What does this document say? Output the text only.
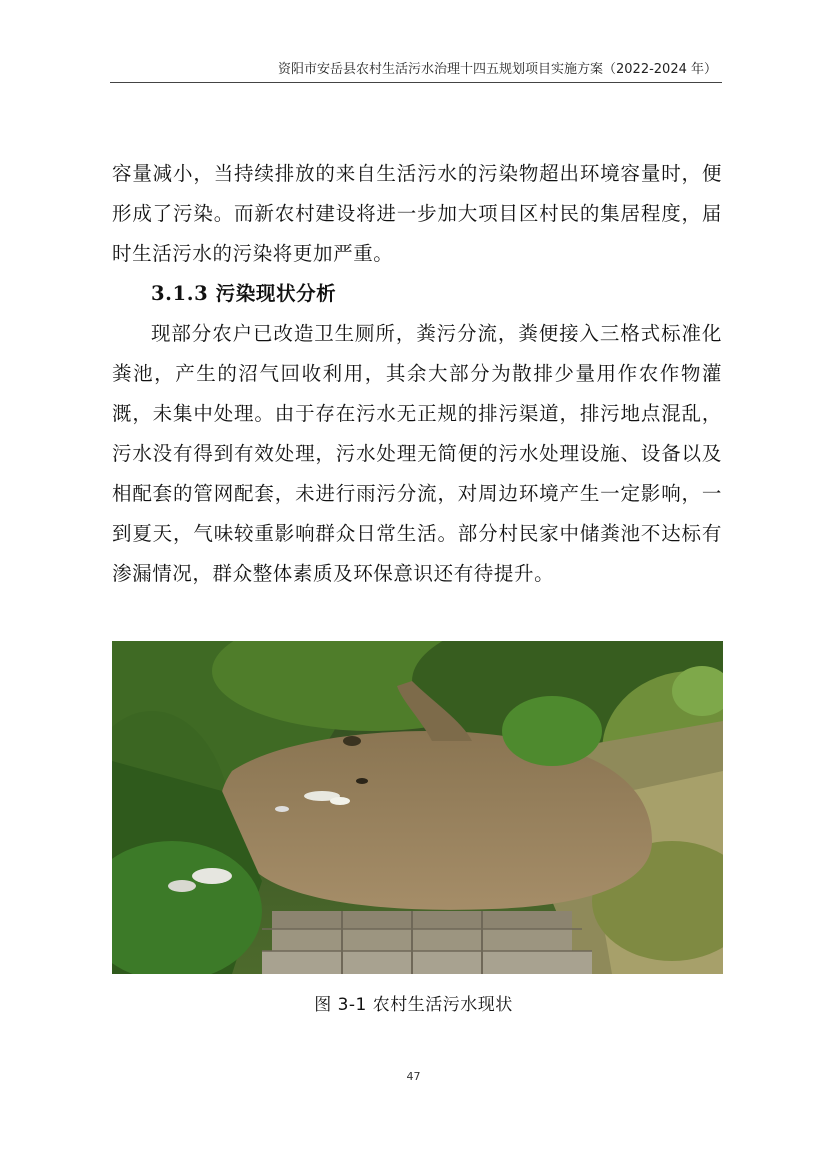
资阳市安岳县农村生活污水治理十四五规划项目实施方案（2022-2024 年）

容量减小，当持续排放的来自生活污水的污染物超出环境容量时，便形成了污染。而新农村建设将进一步加大项目区村民的集居程度，届时生活污水的污染将更加严重。

3.1.3 污染现状分析

现部分农户已改造卫生厕所，粪污分流，粪便接入三格式标准化粪池，产生的沼气回收利用，其余大部分为散排少量用作农作物灌溉，未集中处理。由于存在污水无正规的排污渠道，排污地点混乱，污水没有得到有效处理，污水处理无简便的污水处理设施、设备以及相配套的管网配套，未进行雨污分流，对周边环境产生一定影响，一到夏天，气味较重影响群众日常生活。部分村民家中储粪池不达标有渗漏情况，群众整体素质及环保意识还有待提升。

图 3-1 农村生活污水现状
47
